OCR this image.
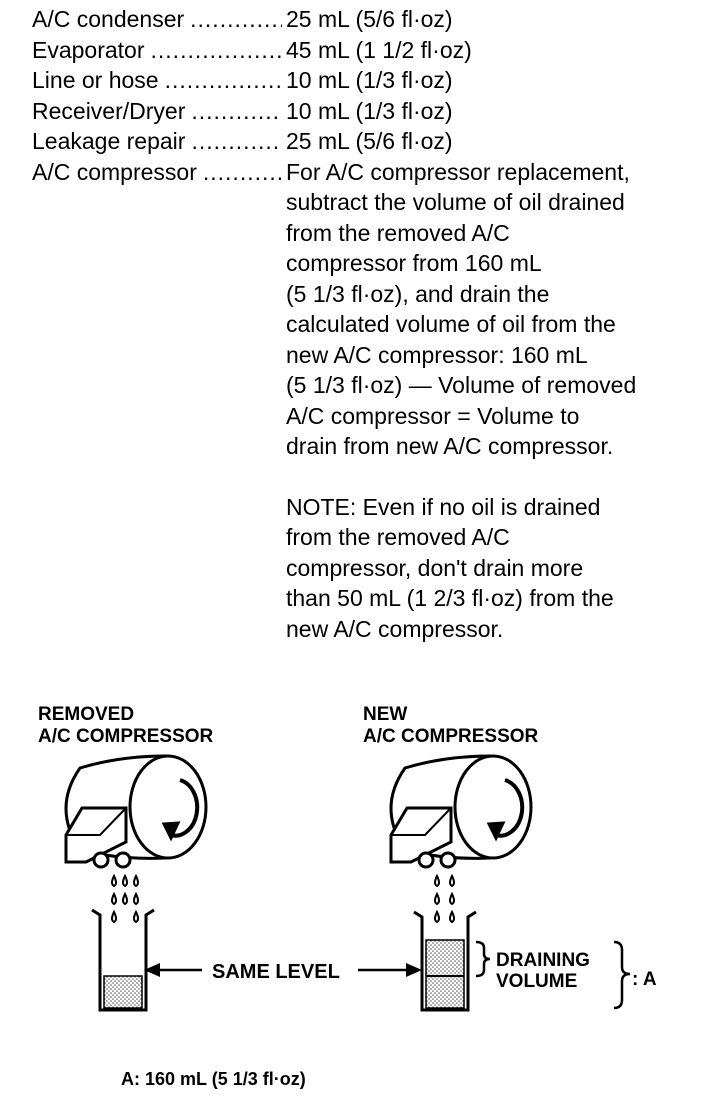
A/C condenser .....	25 mL (5/6 fl·oz)
Evaporator .....	45 mL (1 1/2 fl·oz)
Line or hose .....	10 mL (1/3 fl·oz)
Receiver/Dryer .....	10 mL (1/3 fl·oz)
Leakage repair .....	25 mL (5/6 fl·oz)
A/C compressor .....	For A/C compressor replacement,
subtract the volume of oil drained
from the removed A/C
compressor from 160 mL
(5 1/3 fl·oz), and drain the
calculated volume of oil from the
new A/C compressor: 160 mL
(5 1/3 fl·oz) — Volume of removed
A/C compressor = Volume to
drain from new A/C compressor.
NOTE: Even if no oil is drained
from the removed A/C
compressor, don't drain more
than 50 mL (1 2/3 fl·oz) from the
new A/C compressor.
REMOVED
A/C COMPRESSOR
NEW
A/C COMPRESSOR
SAME LEVEL
DRAINING
VOLUME	: A
A: 160 mL (5 1/3 fl·oz)
